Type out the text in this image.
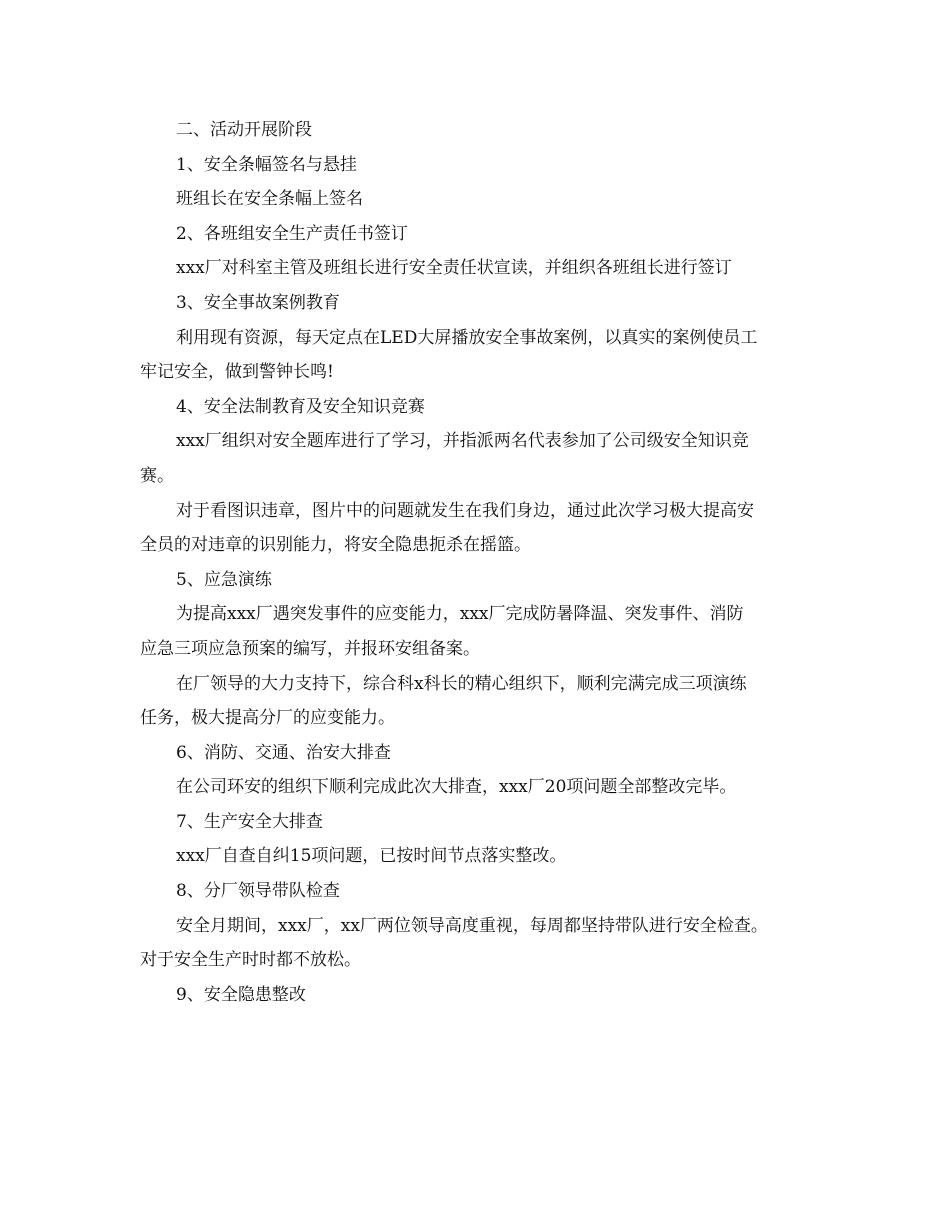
二、活动开展阶段
1、安全条幅签名与悬挂
班组长在安全条幅上签名
2、各班组安全生产责任书签订
xxx厂对科室主管及班组长进行安全责任状宣读，并组织各班组长进行签订
3、安全事故案例教育
利用现有资源，每天定点在LED大屏播放安全事故案例，以真实的案例使员工
牢记安全，做到警钟长鸣!
4、安全法制教育及安全知识竞赛
xxx厂组织对安全题库进行了学习，并指派两名代表参加了公司级安全知识竞
赛。
对于看图识违章，图片中的问题就发生在我们身边，通过此次学习极大提高安
全员的对违章的识别能力，将安全隐患扼杀在摇篮。
5、应急演练
为提高xxx厂遇突发事件的应变能力，xxx厂完成防暑降温、突发事件、消防
应急三项应急预案的编写，并报环安组备案。
在厂领导的大力支持下，综合科x科长的精心组织下，顺利完满完成三项演练
任务，极大提高分厂的应变能力。
6、消防、交通、治安大排查
在公司环安的组织下顺利完成此次大排查，xxx厂20项问题全部整改完毕。
7、生产安全大排查
xxx厂自查自纠15项问题，已按时间节点落实整改。
8、分厂领导带队检查
安全月期间，xxx厂，xx厂两位领导高度重视，每周都坚持带队进行安全检查。
对于安全生产时时都不放松。
9、安全隐患整改
